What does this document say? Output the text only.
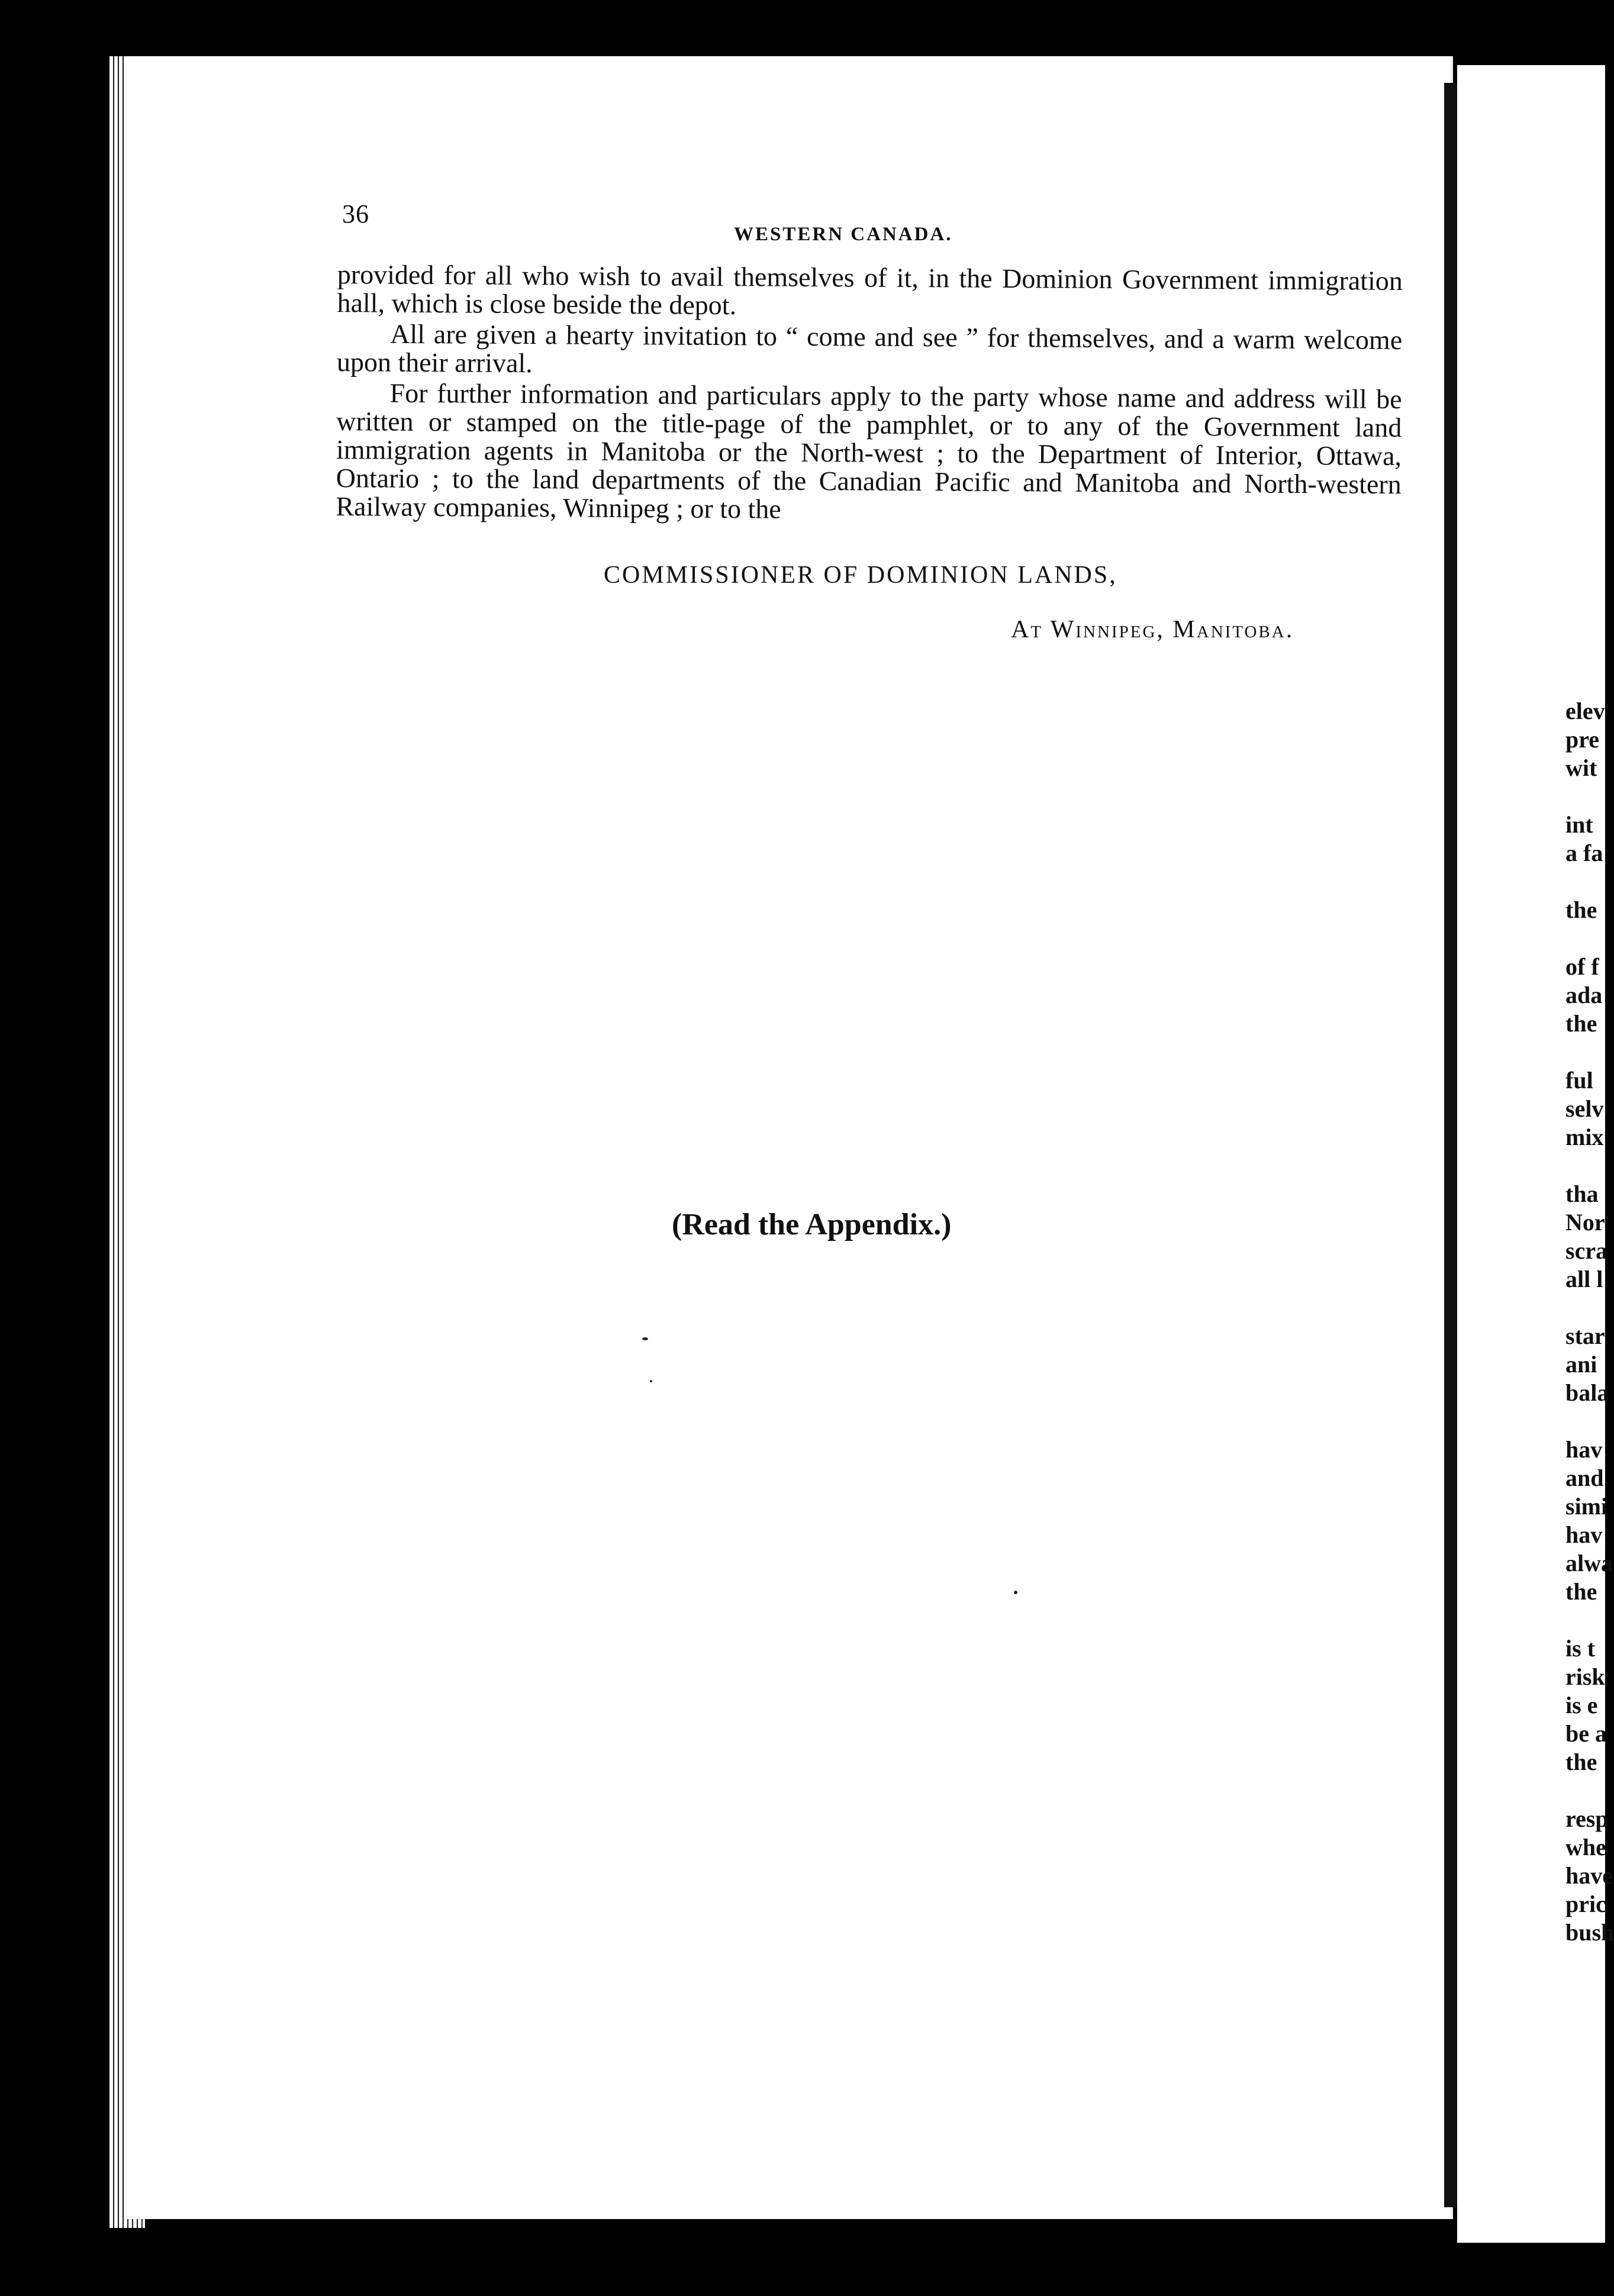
36
WESTERN CANADA.

provided for all who wish to avail themselves of it, in the Dominion Government immigration hall, which is close beside the depot.

All are given a hearty invitation to “ come and see ” for themselves, and a warm welcome upon their arrival.

For further information and particulars apply to the party whose name and address will be written or stamped on the title-page of the pamphlet, or to any of the Government land immigration agents in Manitoba or the North-west ; to the Department of Interior, Ottawa, Ontario ; to the land departments of the Canadian Pacific and Manitoba and North-western Railway companies, Winnipeg ; or to the

COMMISSIONER OF DOMINION LANDS,
At Winnipeg, Manitoba.
(Read the Appendix.)
elev
pre
wit

int
a fa

the

of f
ada
the

ful
selv
mix

tha
Nor
scra
all l

star
ani
bala

hav
and
simi
hav
alwa
the

is t
risk
is e
be a
the

resp
whe
have
pric
bush
